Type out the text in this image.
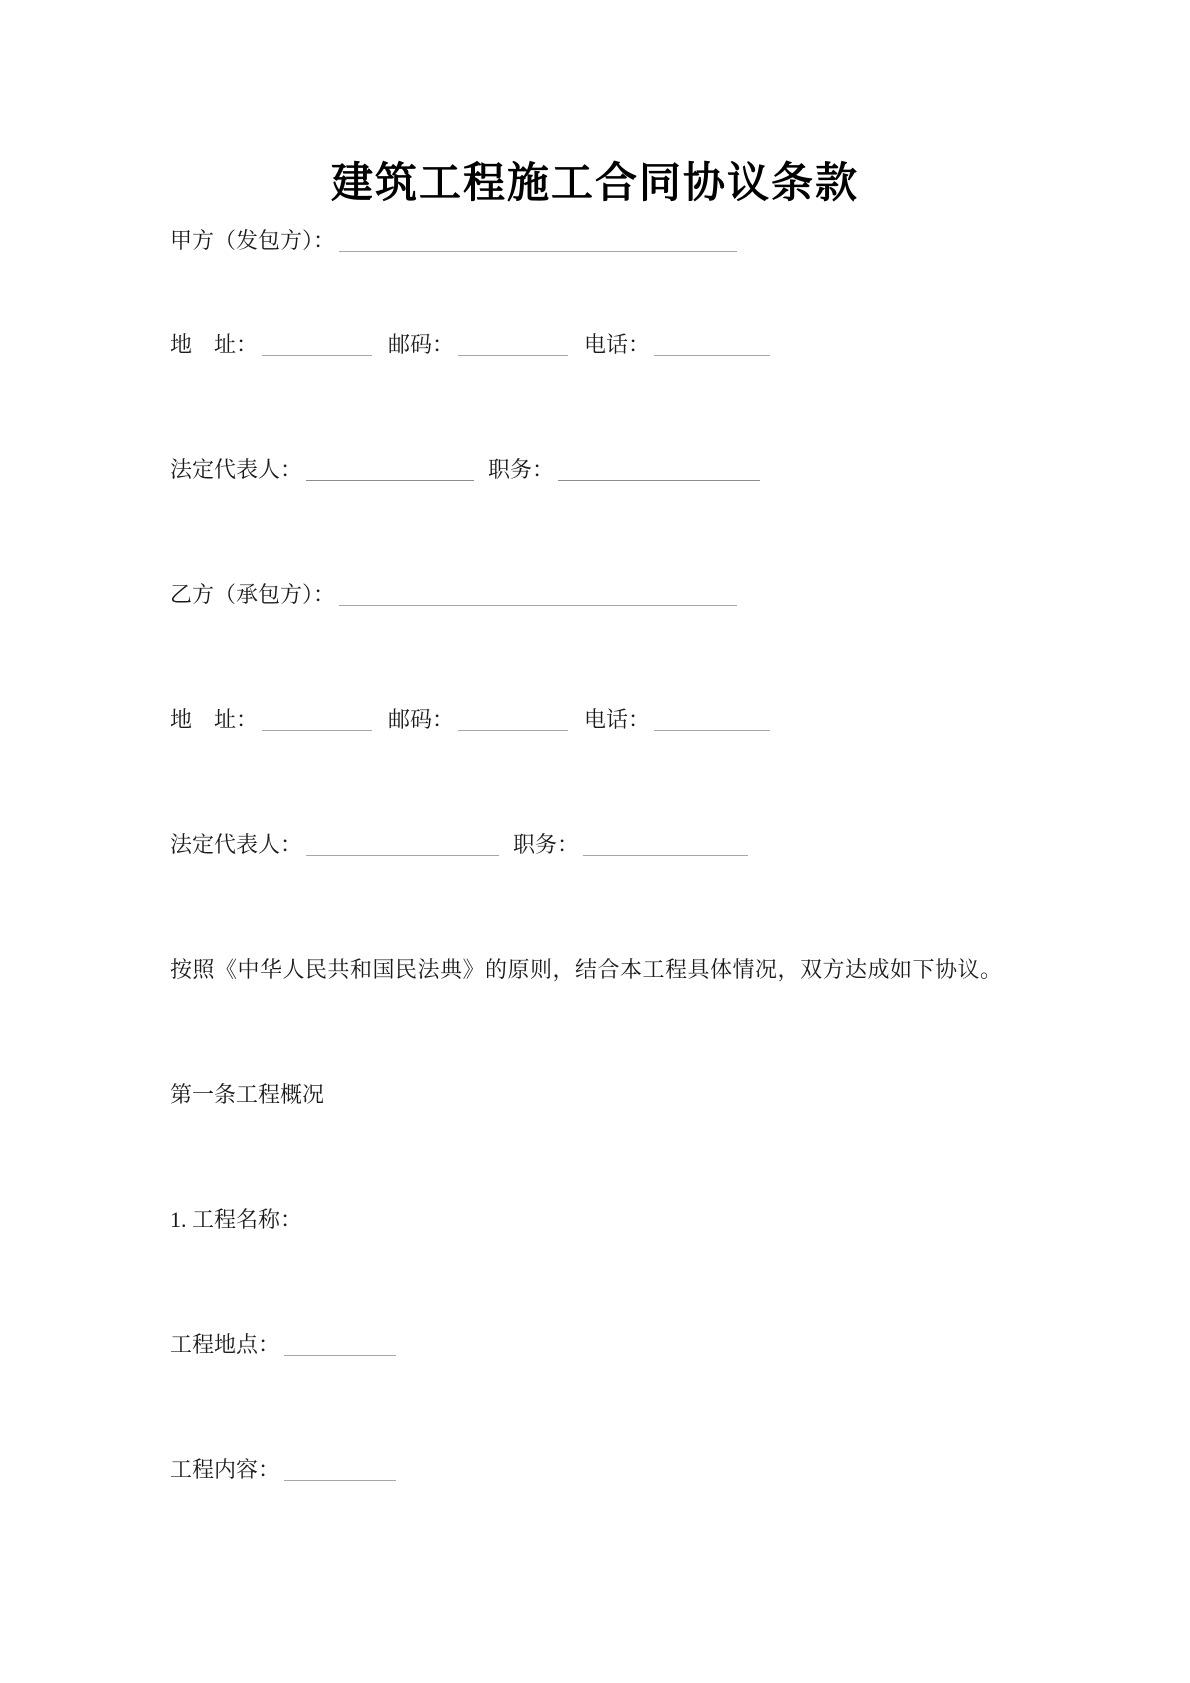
建筑工程施工合同协议条款
甲方（发包方）：
地　址：	邮码：	电话：
法定代表人：	职务：
乙方（承包方）：
地　址：	邮码：	电话：
法定代表人：	职务：
按照《中华人民共和国民法典》的原则，结合本工程具体情况，双方达成如下协议。
第一条工程概况
1. 工程名称：
工程地点：
工程内容：
